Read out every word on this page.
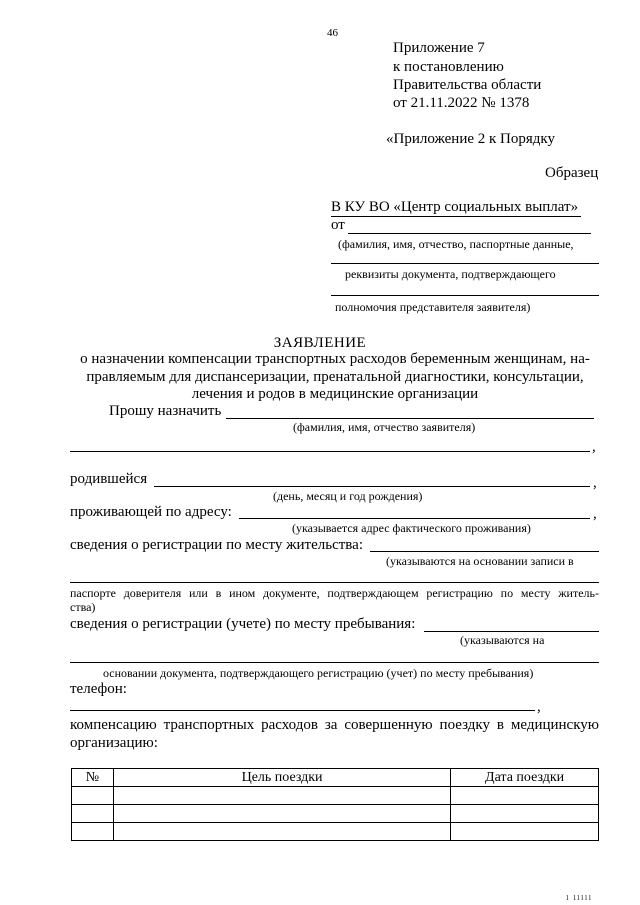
46
Приложение 7
к постановлению
Правительства области
от 21.11.2022 № 1378
«Приложение 2 к Порядку
Образец
В КУ ВО «Центр социальных выплат»
от
(фамилия, имя, отчество, паспортные данные,
реквизиты документа, подтверждающего
полномочия представителя заявителя)
ЗАЯВЛЕНИЕ
о назначении компенсации транспортных расходов беременным женщинам, на-
правляемым для диспансеризации, пренатальной диагностики, консультации,
лечения и родов в медицинские организации
Прошу назначить
(фамилия, имя, отчество заявителя)
,
родившейся	,
(день, месяц и год рождения)
проживающей по адресу:	,
(указывается адрес фактического проживания)
сведения о регистрации по месту жительства:
(указываются на основании записи в
паспорте доверителя или в ином документе, подтверждающем регистрацию по месту житель-
ства)
сведения о регистрации (учете) по месту пребывания:
(указываются на
основании документа, подтверждающего регистрацию (учет) по месту пребывания)
телефон:
,
компенсацию транспортных расходов за совершенную поездку в медицинскую
организацию:
№	Цель поездки	Дата поездки

ı ııııı
